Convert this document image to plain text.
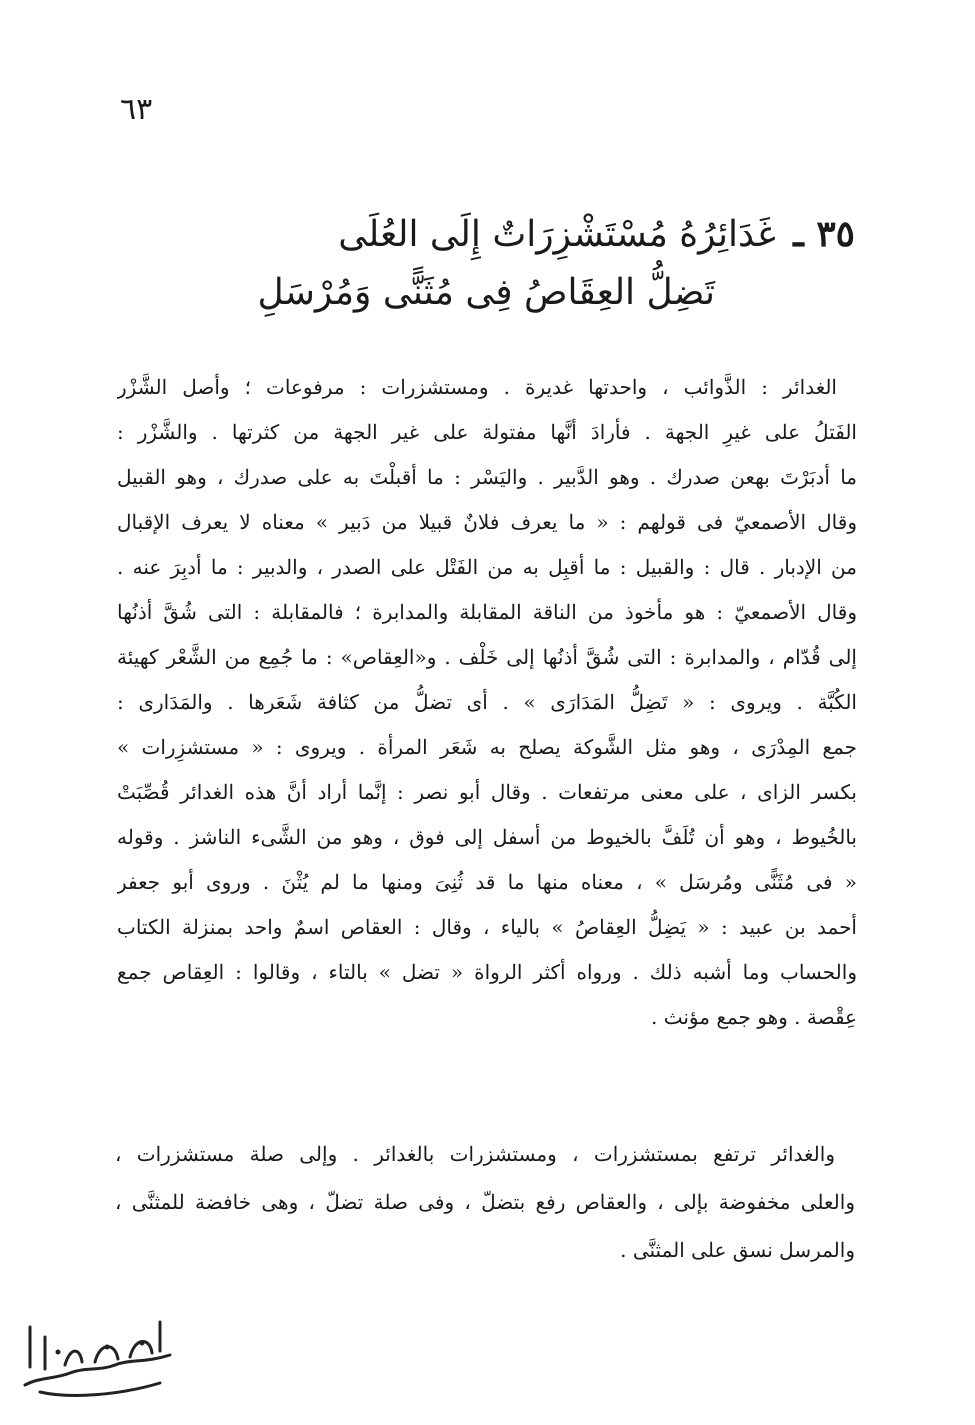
٦٣
٣٥ ـ غَدَائِرُهُ مُسْتَشْزِرَاتٌ إِلَى العُلَى
تَضِلُّ العِقَاصُ فِى مُثَنًّى وَمُرْسَلِ
الغدائر : الذَّوائب ، واحدتها غديرة . ومستشزرات : مرفوعات ؛ وأصل الشَّزْر
الفَتلُ على غيرِ الجهة . فأرادَ أنَّها مفتولة على غير الجهة من كثرتها . والشَّزْر :
ما أدبَرْتَ بهعن صدرك . وهو الدَّبير . واليَسْر : ما أقبلْتَ به على صدرك ، وهو القبيل
وقال الأصمعيّ فى قولهم : « ما يعرف فلانٌ قبيلا من دَبير » معناه لا يعرف الإقبال
من الإدبار . قال : والقبيل : ما أقبِل به من الفَتْل على الصدر ، والدبير : ما أدبِرَ عنه .
وقال الأصمعيّ : هو مأخوذ من الناقة المقابلة والمدابرة ؛ فالمقابلة : التى شُقَّ أذنُها
إلى قُدّام ، والمدابرة : التى شُقَّ أذنُها إلى خَلْف . و«العِقاص» : ما جُمِع من الشَّعْر كهيئة
الكُبَّة . ويروى : « تَضِلُّ المَدَارَى » . أى تضلُّ من كثافة شَعَرها . والمَدَارى :
جمع المِدْرَى ، وهو مثل الشَّوكة يصلح به شَعَر المرأة . ويروى : « مستشزِرات »
بكسر الزاى ، على معنى مرتفعات . وقال أبو نصر : إنَّما أراد أنَّ هذه الغدائر قُصِّبَتْ
بالخُيوط ، وهو أن تُلَفَّ بالخيوط من أسفل إلى فوق ، وهو من الشَّىء الناشز . وقوله
« فى مُثَنًّى ومُرسَل » ، معناه منها ما قد ثُنِىَ ومنها ما لم يُثْنَ . وروى أبو جعفر
أحمد بن عبيد : « يَضِلُّ العِقاصُ » بالياء ، وقال : العقاص اسمٌ واحد بمنزلة الكتاب
والحساب وما أشبه ذلك . ورواه أكثر الرواة « تضل » بالتاء ، وقالوا : العِقاص جمع
عِقْصة . وهو جمع مؤنث .
والغدائر ترتفع بمستشزرات ، ومستشزرات بالغدائر . وإلى صلة مستشزرات ،
والعلى مخفوضة بإلى ، والعقاص رفع بتضلّ ، وفى صلة تضلّ ، وهى خافضة للمثنَّى ،
والمرسل نسق على المثنَّى .
